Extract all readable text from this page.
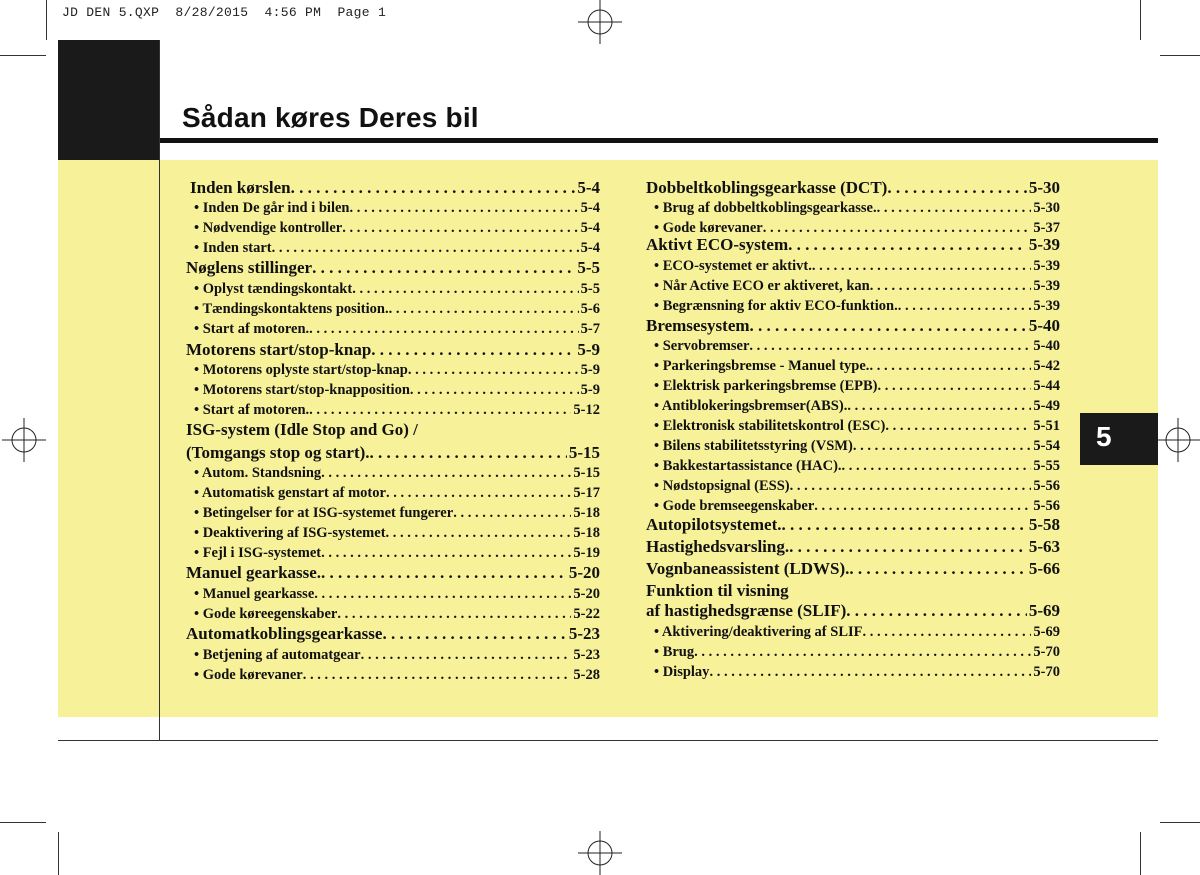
JD DEN 5.QXP  8/28/2015  4:56 PM  Page 1
Sådan køres Deres bil
5
Inden kørslen . . .	5-4
• Inden De går ind i bilen . . .	5-4
• Nødvendige kontroller . . .	5-4
• Inden start . . .	5-4
Nøglens stillinger . . .	5-5
• Oplyst tændingskontakt . . .	5-5
• Tændingskontaktens position. . . .	5-6
• Start af motoren. . . .	5-7
Motorens start/stop-knap . . .	5-9
• Motorens oplyste start/stop-knap . . .	5-9
• Motorens start/stop-knapposition . . .	5-9
• Start af motoren. . . .	5-12
ISG-system (Idle Stop and Go) /
(Tomgangs stop og start). . . .	5-15
• Autom. Standsning . . .	5-15
• Automatisk genstart af motor . . .	5-17
• Betingelser for at ISG-systemet fungerer . . .	5-18
• Deaktivering af ISG-systemet . . .	5-18
• Fejl i ISG-systemet . . .	5-19
Manuel gearkasse. . . .	5-20
• Manuel gearkasse . . .	5-20
• Gode køreegenskaber . . .	5-22
Automatkoblingsgearkasse . . .	5-23
• Betjening af automatgear . . .	5-23
• Gode kørevaner . . .	5-28
Dobbeltkoblingsgearkasse (DCT) . . .	5-30
• Brug af dobbeltkoblingsgearkasse. . . .	5-30
• Gode kørevaner . . .	5-37
Aktivt ECO-system . . .	5-39
• ECO-systemet er aktivt. . . .	5-39
• Når Active ECO er aktiveret, kan . . .	5-39
• Begrænsning for aktiv ECO-funktion. . . .	5-39
Bremsesystem . . .	5-40
• Servobremser . . .	5-40
• Parkeringsbremse - Manuel type. . . .	5-42
• Elektrisk parkeringsbremse (EPB) . . .	5-44
• Antiblokeringsbremser(ABS). . . .	5-49
• Elektronisk stabilitetskontrol (ESC) . . .	5-51
• Bilens stabilitetsstyring (VSM) . . .	5-54
• Bakkestartassistance (HAC). . . .	5-55
• Nødstopsignal (ESS) . . .	5-56
• Gode bremseegenskaber . . .	5-56
Autopilotsystemet. . . .	5-58
Hastighedsvarsling. . . .	5-63
Vognbaneassistent (LDWS). . . .	5-66
Funktion til visning
af hastighedsgrænse (SLIF) . . .	5-69
• Aktivering/deaktivering af SLIF . . .	5-69
• Brug . . .	5-70
• Display . . .	5-70
